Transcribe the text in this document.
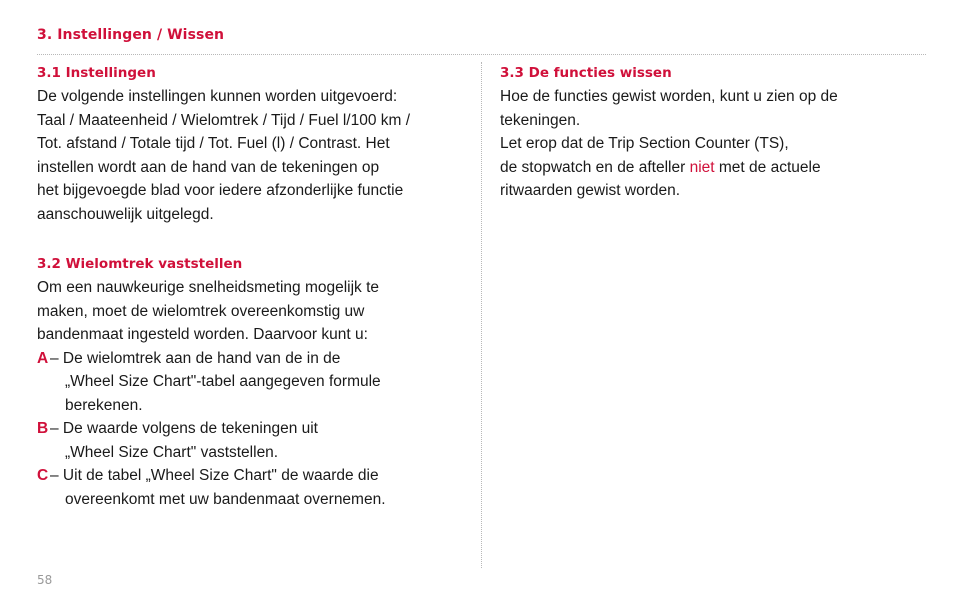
3. Instellingen / Wissen

3.1 Instellingen

De volgende instellingen kunnen worden uitgevoerd:
Taal / Maateenheid / Wielomtrek / Tijd / Fuel l/100 km /
Tot. afstand / Totale tijd / Tot. Fuel (l) / Contrast. Het
instellen wordt aan de hand van de tekeningen op
het bijgevoegde blad voor iedere afzonderlijke functie
aanschouwelijk uitgelegd.

3.2 Wielomtrek vaststellen

Om een nauwkeurige snelheidsmeting mogelijk te
maken, moet de wielomtrek overeenkomstig uw
bandenmaat ingesteld worden. Daarvoor kunt u:

A – De wielomtrek aan de hand van de in de
„Wheel Size Chart"-tabel aangegeven formule
berekenen.
B – De waarde volgens de tekeningen uit
„Wheel Size Chart" vaststellen.
C – Uit de tabel „Wheel Size Chart" de waarde die
overeenkomt met uw bandenmaat overnemen.

3.3 De functies wissen

Hoe de functies gewist worden, kunt u zien op de
tekeningen.
Let erop dat de Trip Section Counter (TS),
de stopwatch en de afteller niet met de actuele
ritwaarden gewist worden.

58
